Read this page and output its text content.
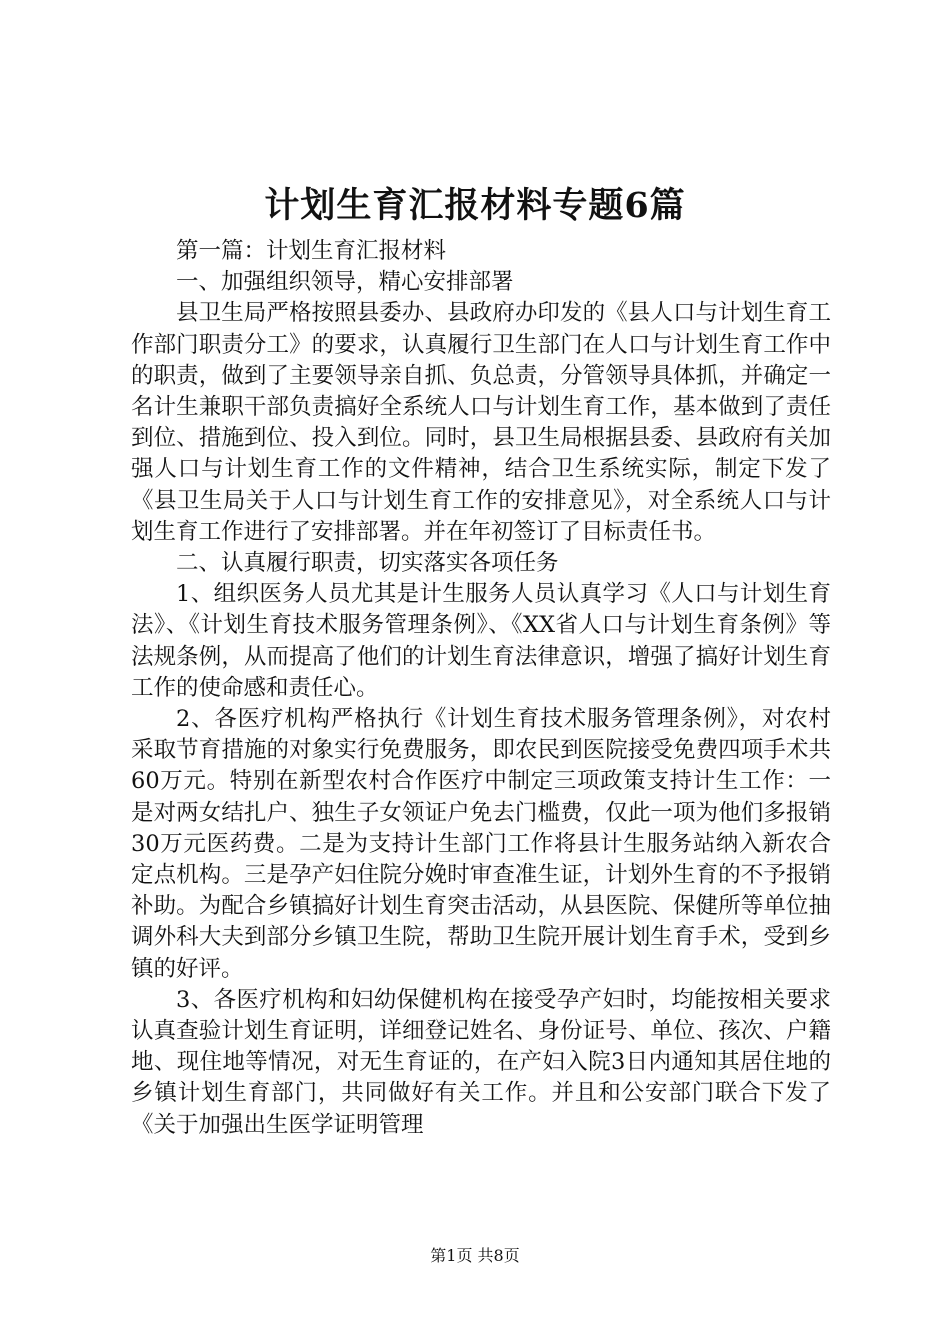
计划生育汇报材料专题6篇

第一篇：计划生育汇报材料

一、加强组织领导，精心安排部署

县卫生局严格按照县委办、县政府办印发的《县人口与计划生育工作部门职责分工》的要求，认真履行卫生部门在人口与计划生育工作中的职责，做到了主要领导亲自抓、负总责，分管领导具体抓，并确定一名计生兼职干部负责搞好全系统人口与计划生育工作，基本做到了责任到位、措施到位、投入到位。同时，县卫生局根据县委、县政府有关加强人口与计划生育工作的文件精神，结合卫生系统实际，制定下发了《县卫生局关于人口与计划生育工作的安排意见》，对全系统人口与计划生育工作进行了安排部署。并在年初签订了目标责任书。

二、认真履行职责，切实落实各项任务

1、组织医务人员尤其是计生服务人员认真学习《人口与计划生育法》、《计划生育技术服务管理条例》、《XX省人口与计划生育条例》等法规条例，从而提高了他们的计划生育法律意识，增强了搞好计划生育工作的使命感和责任心。

2、各医疗机构严格执行《计划生育技术服务管理条例》，对农村采取节育措施的对象实行免费服务，即农民到医院接受免费四项手术共60万元。特别在新型农村合作医疗中制定三项政策支持计生工作：一是对两女结扎户、独生子女领证户免去门槛费，仅此一项为他们多报销30万元医药费。二是为支持计生部门工作将县计生服务站纳入新农合定点机构。三是孕产妇住院分娩时审查准生证，计划外生育的不予报销补助。为配合乡镇搞好计划生育突击活动，从县医院、保健所等单位抽调外科大夫到部分乡镇卫生院，帮助卫生院开展计划生育手术，受到乡镇的好评。

3、各医疗机构和妇幼保健机构在接受孕产妇时，均能按相关要求认真查验计划生育证明，详细登记姓名、身份证号、单位、孩次、户籍地、现住地等情况，对无生育证的，在产妇入院3日内通知其居住地的乡镇计划生育部门，共同做好有关工作。并且和公安部门联合下发了《关于加强出生医学证明管理

第1页 共8页
